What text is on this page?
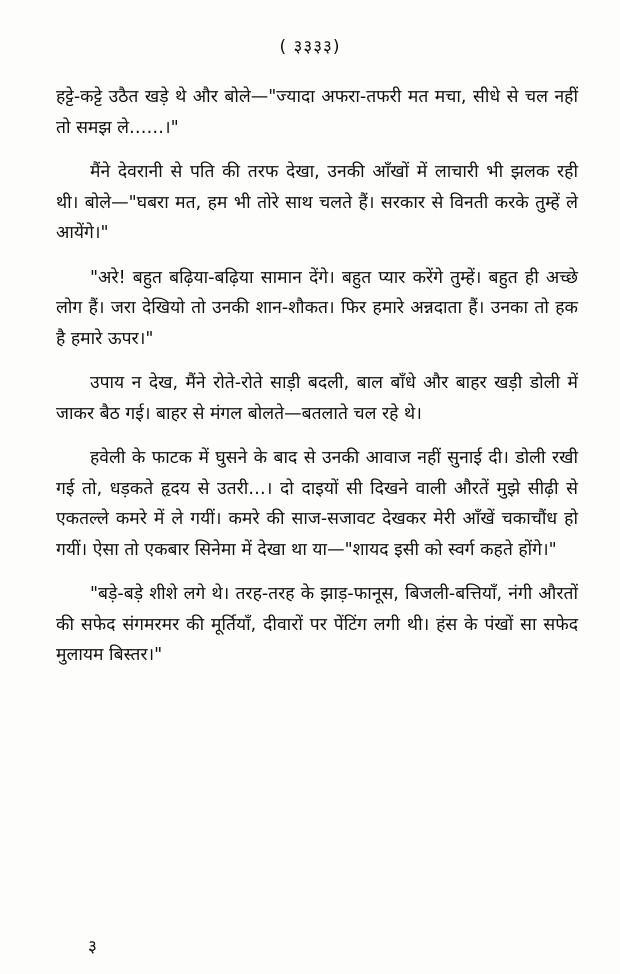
( ३३३३)

हट्टे-कट्टे उठैत खड़े थे और बोले—"ज्यादा अफरा-तफरी मत मचा, सीधे से चल नहीं तो समझ ले……।"

मैंने देवरानी से पति की तरफ देखा, उनकी आँखों में लाचारी भी झलक रही थी। बोले—"घबरा मत, हम भी तोरे साथ चलते हैं। सरकार से विनती करके तुम्हें ले आयेंगे।"

"अरे! बहुत बढ़िया-बढ़िया सामान देंगे। बहुत प्यार करेंगे तुम्हें। बहुत ही अच्छे लोग हैं। जरा देखियो तो उनकी शान-शौकत। फिर हमारे अन्नदाता हैं। उनका तो हक है हमारे ऊपर।"

उपाय न देख, मैंने रोते-रोते साड़ी बदली, बाल बाँधे और बाहर खड़ी डोली में जाकर बैठ गई। बाहर से मंगल बोलते—बतलाते चल रहे थे।

हवेली के फाटक में घुसने के बाद से उनकी आवाज नहीं सुनाई दी। डोली रखी गई तो, धड़कते हृदय से उतरी…। दो दाइयों सी दिखने वाली औरतें मुझे सीढ़ी से एकतल्ले कमरे में ले गयीं। कमरे की साज-सजावट देखकर मेरी आँखें चकाचौंध हो गयीं। ऐसा तो एकबार सिनेमा में देखा था या—"शायद इसी को स्वर्ग कहते होंगे।"

"बड़े-बड़े शीशे लगे थे। तरह-तरह के झाड़-फानूस, बिजली-बत्तियाँ, नंगी औरतों की सफेद संगमरमर की मूर्तियाँ, दीवारों पर पेंटिंग लगी थी। हंस के पंखों सा सफेद मुलायम बिस्तर।"

३
